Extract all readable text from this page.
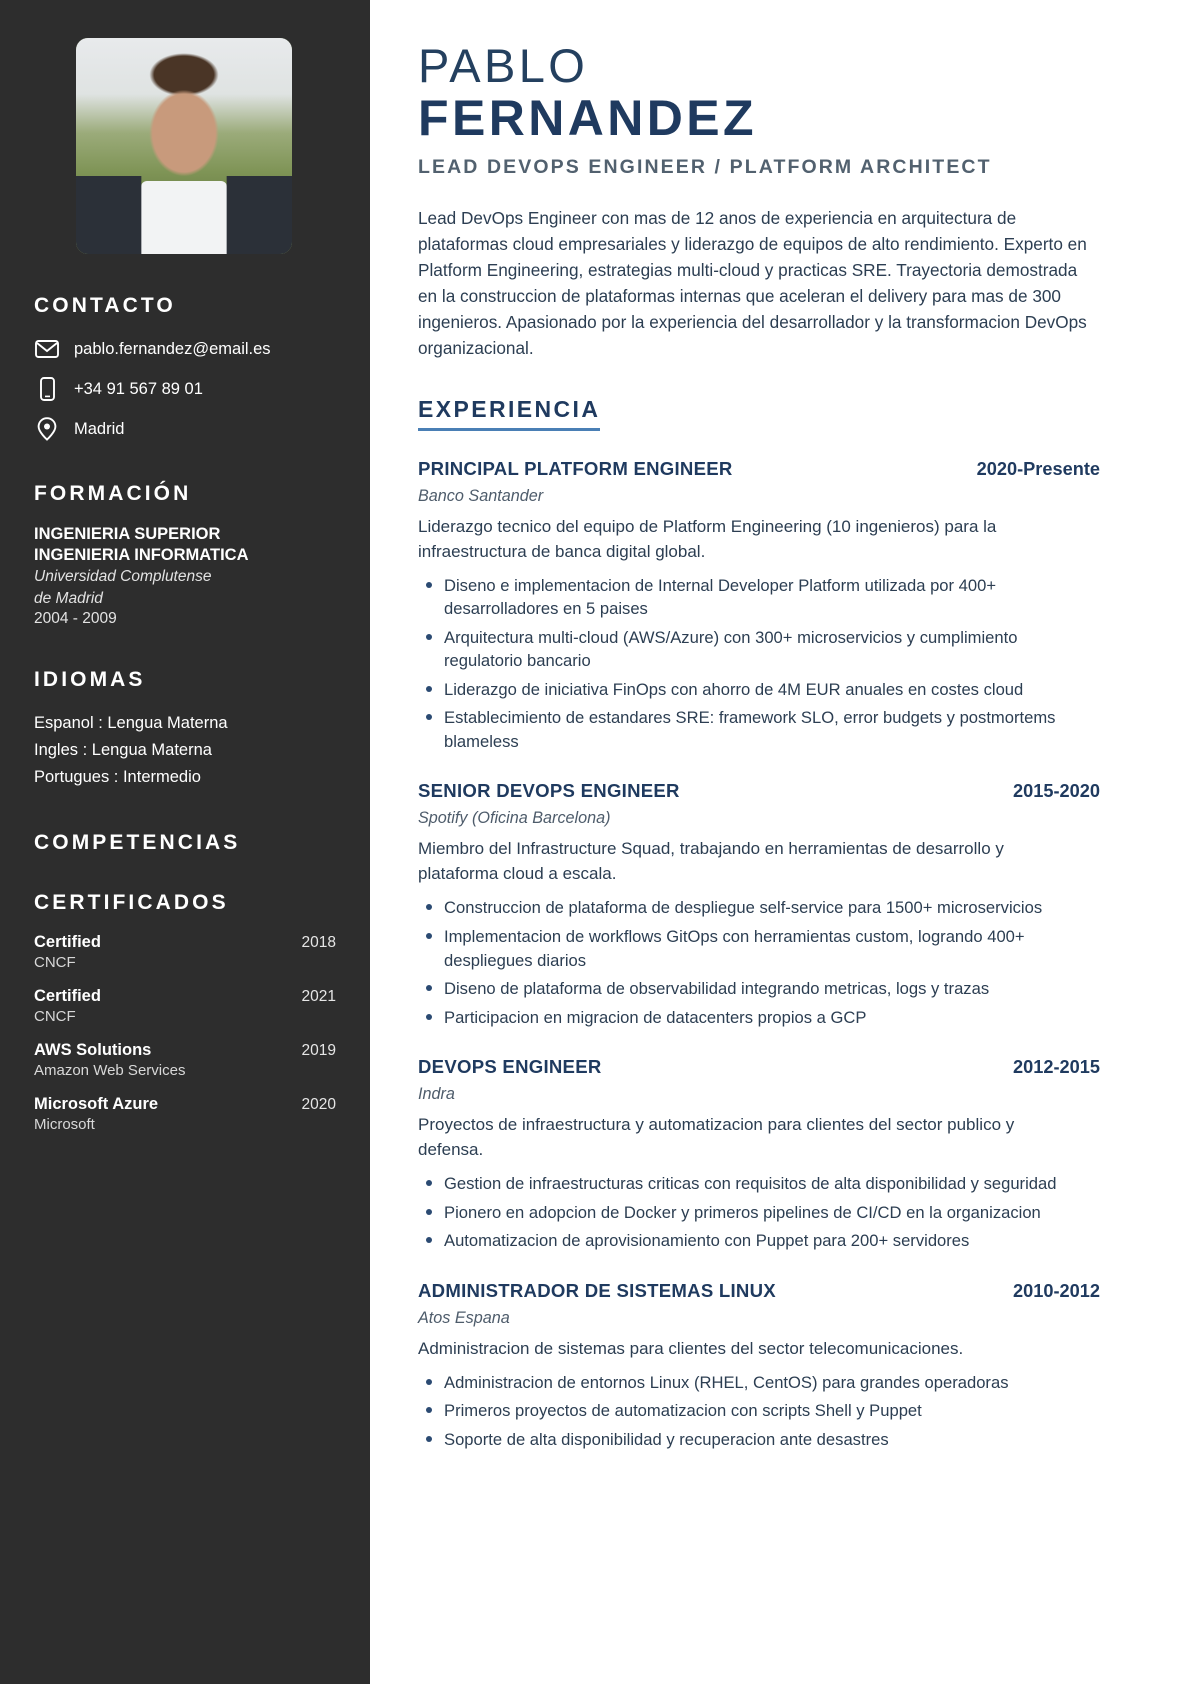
CONTACTO
pablo.fernandez@email.es
+34 91 567 89 01
Madrid
FORMACIÓN
INGENIERIA SUPERIOR
INGENIERIA INFORMATICA
Universidad Complutense
de Madrid
2004 - 2009
IDIOMAS
Espanol : Lengua Materna
Ingles : Lengua Materna
Portugues : Intermedio
COMPETENCIAS
CERTIFICADOS
Certified	2018
CNCF
Certified	2021
CNCF
AWS Solutions	2019
Amazon Web Services
Microsoft Azure	2020
Microsoft
PABLO
FERNANDEZ
LEAD DEVOPS ENGINEER / PLATFORM ARCHITECT

Lead DevOps Engineer con mas de 12 anos de experiencia en arquitectura de plataformas cloud empresariales y liderazgo de equipos de alto rendimiento. Experto en Platform Engineering, estrategias multi-cloud y practicas SRE. Trayectoria demostrada en la construccion de plataformas internas que aceleran el delivery para mas de 300 ingenieros. Apasionado por la experiencia del desarrollador y la transformacion DevOps organizacional.

EXPERIENCIA
PRINCIPAL PLATFORM ENGINEER	2020-Presente
Banco Santander
Liderazgo tecnico del equipo de Platform Engineering (10 ingenieros) para la infraestructura de banca digital global.
Diseno e implementacion de Internal Developer Platform utilizada por 400+ desarrolladores en 5 paises
Arquitectura multi-cloud (AWS/Azure) con 300+ microservicios y cumplimiento regulatorio bancario
Liderazgo de iniciativa FinOps con ahorro de 4M EUR anuales en costes cloud
Establecimiento de estandares SRE: framework SLO, error budgets y postmortems blameless
SENIOR DEVOPS ENGINEER	2015-2020
Spotify (Oficina Barcelona)
Miembro del Infrastructure Squad, trabajando en herramientas de desarrollo y plataforma cloud a escala.
Construccion de plataforma de despliegue self-service para 1500+ microservicios
Implementacion de workflows GitOps con herramientas custom, logrando 400+ despliegues diarios
Diseno de plataforma de observabilidad integrando metricas, logs y trazas
Participacion en migracion de datacenters propios a GCP
DEVOPS ENGINEER	2012-2015
Indra
Proyectos de infraestructura y automatizacion para clientes del sector publico y defensa.
Gestion de infraestructuras criticas con requisitos de alta disponibilidad y seguridad
Pionero en adopcion de Docker y primeros pipelines de CI/CD en la organizacion
Automatizacion de aprovisionamiento con Puppet para 200+ servidores
ADMINISTRADOR DE SISTEMAS LINUX	2010-2012
Atos Espana
Administracion de sistemas para clientes del sector telecomunicaciones.
Administracion de entornos Linux (RHEL, CentOS) para grandes operadoras
Primeros proyectos de automatizacion con scripts Shell y Puppet
Soporte de alta disponibilidad y recuperacion ante desastres
